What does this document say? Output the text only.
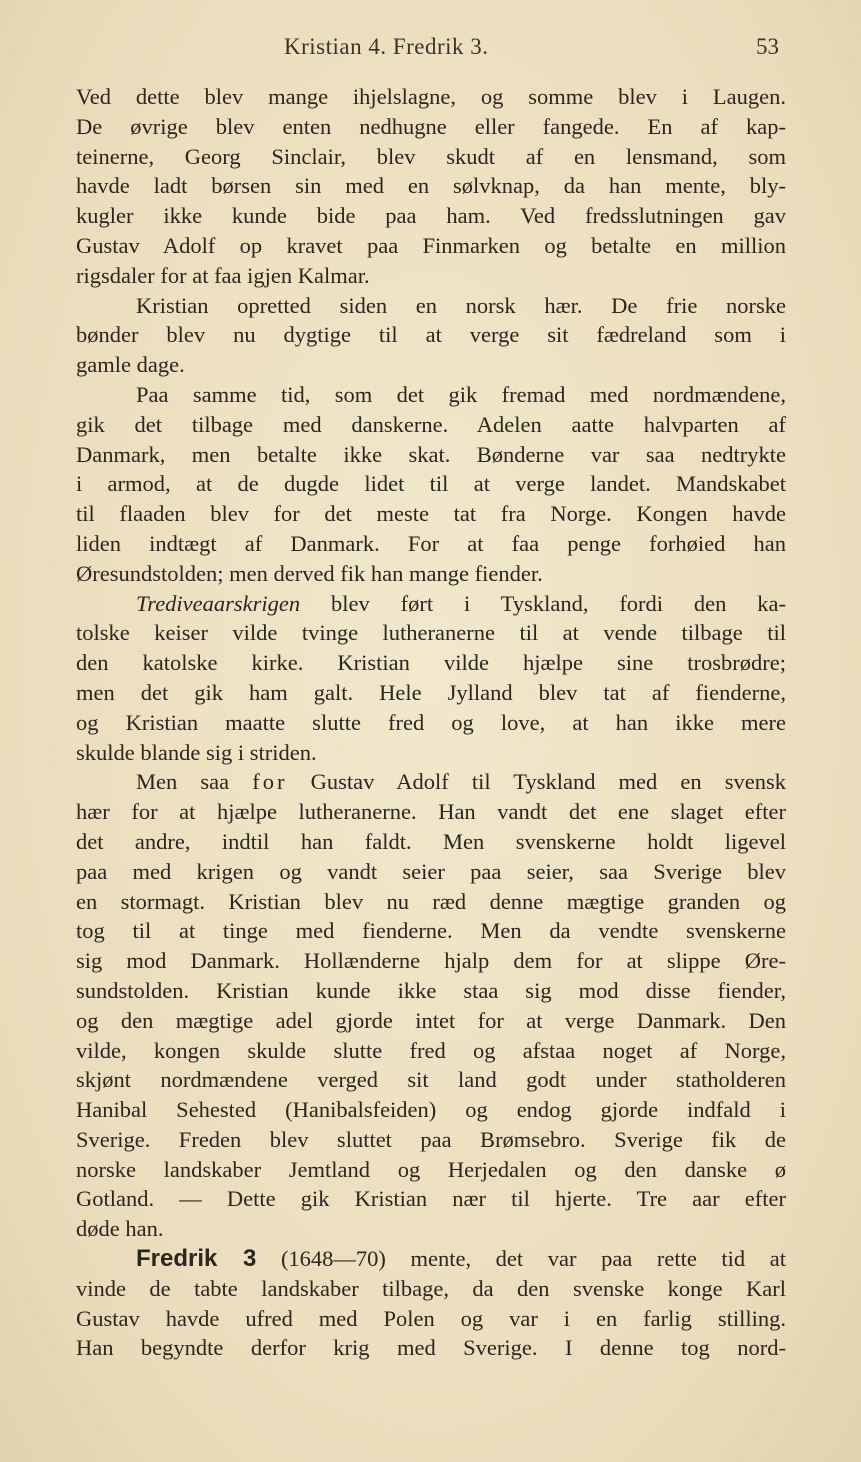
Kristian 4. Fredrik 3.	53
Ved dette blev mange ihjelslagne, og somme blev i Laugen.
De øvrige blev enten nedhugne eller fangede. En af kap-
teinerne, Georg Sinclair, blev skudt af en lensmand, som
havde ladt børsen sin med en sølvknap, da han mente, bly-
kugler ikke kunde bide paa ham. Ved fredsslutningen gav
Gustav Adolf op kravet paa Finmarken og betalte en million
rigsdaler for at faa igjen Kalmar.
Kristian opretted siden en norsk hær. De frie norske
bønder blev nu dygtige til at verge sit fædreland som i
gamle dage.
Paa samme tid, som det gik fremad med nordmændene,
gik det tilbage med danskerne. Adelen aatte halvparten af
Danmark, men betalte ikke skat. Bønderne var saa nedtrykte
i armod, at de dugde lidet til at verge landet. Mandskabet
til flaaden blev for det meste tat fra Norge. Kongen havde
liden indtægt af Danmark. For at faa penge forhøied han
Øresundstolden; men derved fik han mange fiender.
Trediveaarskrigen blev ført i Tyskland, fordi den ka-
tolske keiser vilde tvinge lutheranerne til at vende tilbage til
den katolske kirke. Kristian vilde hjælpe sine trosbrødre;
men det gik ham galt. Hele Jylland blev tat af fienderne,
og Kristian maatte slutte fred og love, at han ikke mere
skulde blande sig i striden.
Men saa for Gustav Adolf til Tyskland med en svensk
hær for at hjælpe lutheranerne. Han vandt det ene slaget efter
det andre, indtil han faldt. Men svenskerne holdt ligevel
paa med krigen og vandt seier paa seier, saa Sverige blev
en stormagt. Kristian blev nu ræd denne mægtige granden og
tog til at tinge med fienderne. Men da vendte svenskerne
sig mod Danmark. Hollænderne hjalp dem for at slippe Øre-
sundstolden. Kristian kunde ikke staa sig mod disse fiender,
og den mægtige adel gjorde intet for at verge Danmark. Den
vilde, kongen skulde slutte fred og afstaa noget af Norge,
skjønt nordmændene verged sit land godt under statholderen
Hanibal Sehested (Hanibalsfeiden) og endog gjorde indfald i
Sverige. Freden blev sluttet paa Brømsebro. Sverige fik de
norske landskaber Jemtland og Herjedalen og den danske ø
Gotland. — Dette gik Kristian nær til hjerte. Tre aar efter
døde han.
Fredrik 3 (1648—70) mente, det var paa rette tid at
vinde de tabte landskaber tilbage, da den svenske konge Karl
Gustav havde ufred med Polen og var i en farlig stilling.
Han begyndte derfor krig med Sverige. I denne tog nord-
